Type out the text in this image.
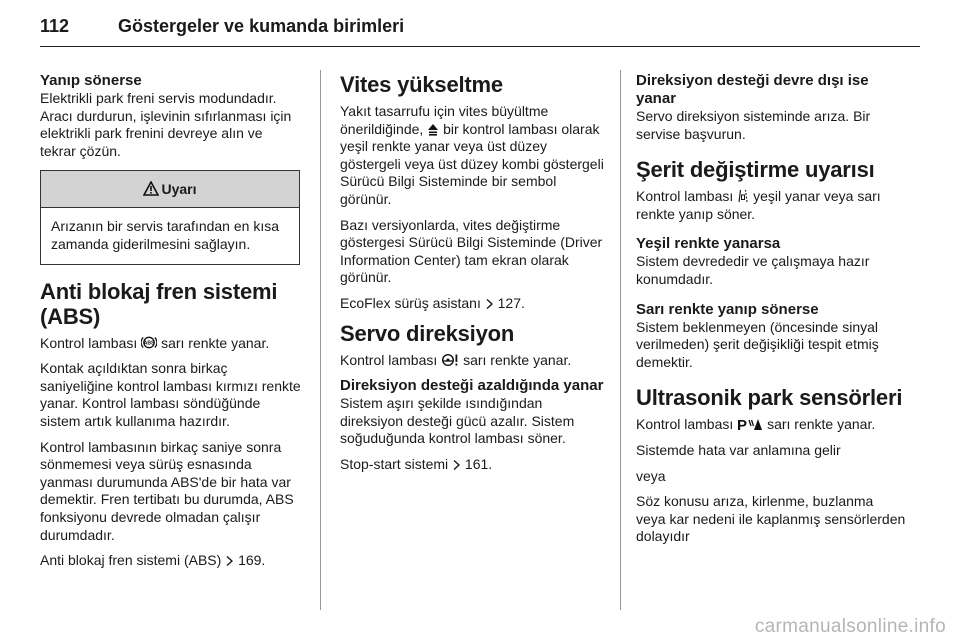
112	Göstergeler ve kumanda birimleri
Yanıp sönerse

Elektrikli park freni servis modundadır. Aracı durdurun, işlevinin sıfırlanması için elektrikli park frenini devreye alın ve tekrar çözün.

Uyarı

Arızanın bir servis tarafından en kısa zamanda giderilmesini sağlayın.

Anti blokaj fren sistemi (ABS)

Kontrol lambası ABS sarı renkte yanar.

Kontak açıldıktan sonra birkaç saniyeliğine kontrol lambası kırmızı renkte yanar. Kontrol lambası söndüğünde sistem artık kullanıma hazırdır.

Kontrol lambasının birkaç saniye sonra sönmemesi veya sürüş esnasında yanması durumunda ABS'de bir hata var demektir. Fren tertibatı bu durumda, ABS fonksiyonu devrede olmadan çalışır durumdadır.

Anti blokaj fren sistemi (ABS) 169.

Vites yükseltme

Yakıt tasarrufu için vites büyültme önerildiğinde, bir kontrol lambası olarak yeşil renkte yanar veya üst düzey göstergeli veya üst düzey kombi göstergeli Sürücü Bilgi Sisteminde bir sembol görünür.

Bazı versiyonlarda, vites değiştirme göstergesi Sürücü Bilgi Sisteminde (Driver Information Center) tam ekran olarak görünür.

EcoFlex sürüş asistanı 127.

Servo direksiyon

Kontrol lambası sarı renkte yanar.

Direksiyon desteği azaldığında yanar

Sistem aşırı şekilde ısındığından direksiyon desteği gücü azalır. Sistem soğuduğunda kontrol lambası söner.

Stop-start sistemi 161.

Direksiyon desteği devre dışı ise yanar

Servo direksiyon sisteminde arıza. Bir servise başvurun.

Şerit değiştirme uyarısı

Kontrol lambası yeşil yanar veya sarı renkte yanıp söner.

Yeşil renkte yanarsa

Sistem devrededir ve çalışmaya hazır konumdadır.

Sarı renkte yanıp sönerse

Sistem beklenmeyen (öncesinde sinyal verilmeden) şerit değişikliği tespit etmiş demektir.

Ultrasonik park sensörleri

Kontrol lambası P sarı renkte yanar.

Sistemde hata var anlamına gelir

veya

Söz konusu arıza, kirlenme, buzlanma veya kar nedeni ile kaplanmış sensörlerden dolayıdır

carmanualsonline.info
